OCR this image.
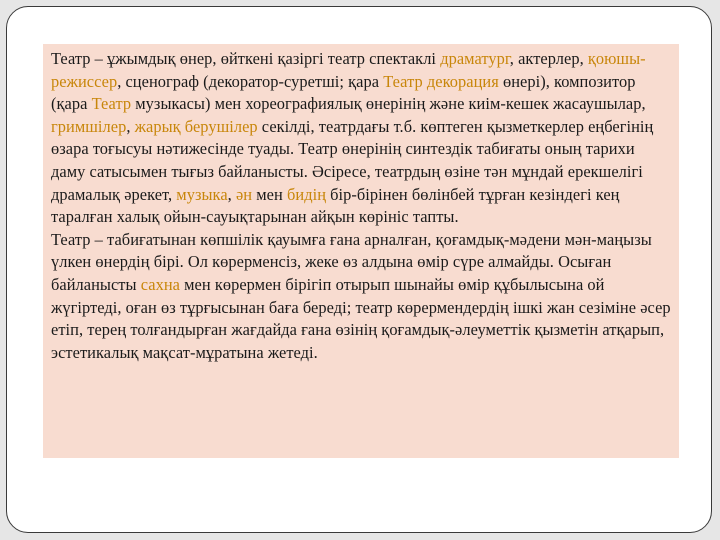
Театр – ұжымдық өнер, өйткені қазіргі театр спектаклі драматург, актерлер, қоюшы-режиссер, сценограф (декоратор-суретші; қара Театр декорация өнері), композитор (қара Театр музыкасы) мен хореографиялық өнерінің және киім-кешек жасаушылар, гримшілер, жарық берушілер секілді, театрдағы т.б. көптеген қызметкерлер еңбегінің өзара тоғысуы нәтижесінде туады. Театр өнерінің синтездік табиғаты оның тарихи даму сатысымен тығыз байланысты. Әсіресе, театрдың өзіне тән мұндай ерекшелігі драмалық әрекет, музыка, ән мен бидің бір-бірінен бөлінбей тұрған кезіндегі кең таралған халық ойын-сауықтарынан айқын көрініс тапты.

Театр – табиғатынан көпшілік қауымға ғана арналған, қоғамдық-мәдени мән-маңызы үлкен өнердің бірі. Ол көрерменсіз, жеке өз алдына өмір сүре алмайды. Осыған байланысты сахна мен көрермен бірігіп отырып шынайы өмір құбылысына ой жүгіртеді, оған өз тұрғысынан баға береді; театр көрермендердің ішкі жан сезіміне әсер етіп, терең толғандырған жағдайда ғана өзінің қоғамдық-әлеуметтік қызметін атқарып, эстетикалық мақсат-мұратына жетеді.
